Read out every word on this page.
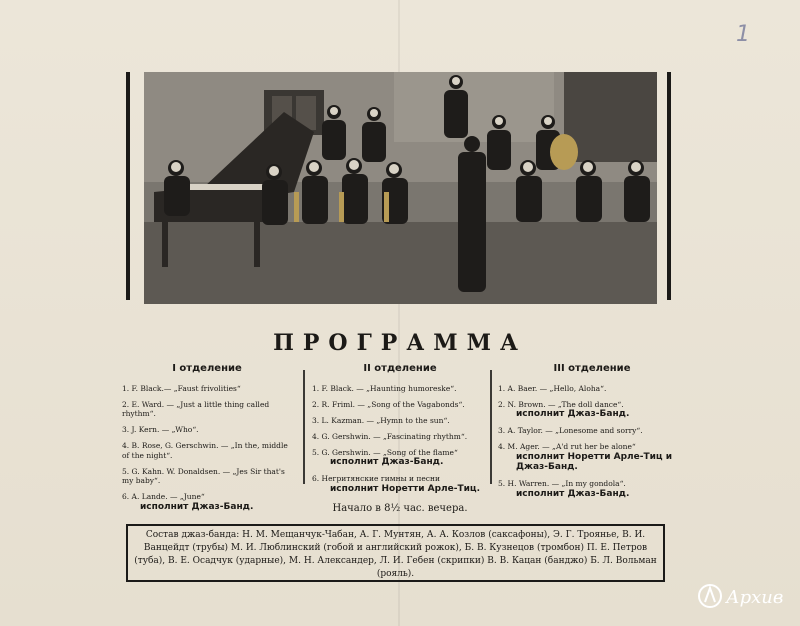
1
ПРОГРАММА
I отделение
1. F. Black.— „Faust frivolities“
2. E. Ward. — „Just a little thing called rhythm“.
3. J. Kern. — „Who“.
4. B. Rose, G. Gerschwin. — „In the, middle of the night“.
5. G. Kahn. W. Donaldsen. — „Jes Sir that's my baby“.
6. A. Lande. — „June“
исполнит Джаз-Банд.
II отделение
1. F. Black. — „Haunting humoreske“.
2. R. Friml. — „Song of the Vagabonds“.
3. L. Kazman. — „Hymn to the sun“.
4. G. Gershwin. — „Fascinating rhythm“.
5. G. Gershwin. — „Song of the flame“
исполнит Джаз-Банд.
6. Негритянские гимны и песни
исполнит Норетти Арле-Тиц.
III отделение
1. A. Baer. — „Hello, Aloha“.
2. N. Brown. — „The doll dance“.
исполнит Джаз-Банд.
3. A. Taylor. — „Lonesome and sorry“.
4. M. Ager. — „A'd rut her be alone“
исполнит Норетти Арле-Тиц и Джаз-Банд.
5. H. Warren. — „In my gondola“.
исполнит Джаз-Банд.
Начало в 8½ час. вечера.
Состав джаз-банда: Н. М. Мещанчук-Чабан, А. Г. Мунтян, А. А. Козлов (саксафоны), Э. Г. Троянье, В. И. Ванцейдт (трубы) М. И. Люблинский (гобой и английский рожок), Б. В. Кузнецов (тромбон) П. Е. Петров (туба), В. Е. Осадчук (ударные), М. Н. Александер, Л. И. Гебен (скрипки) В. В. Кацан (банджо) Б. Л. Вольман (рояль).
Архив
